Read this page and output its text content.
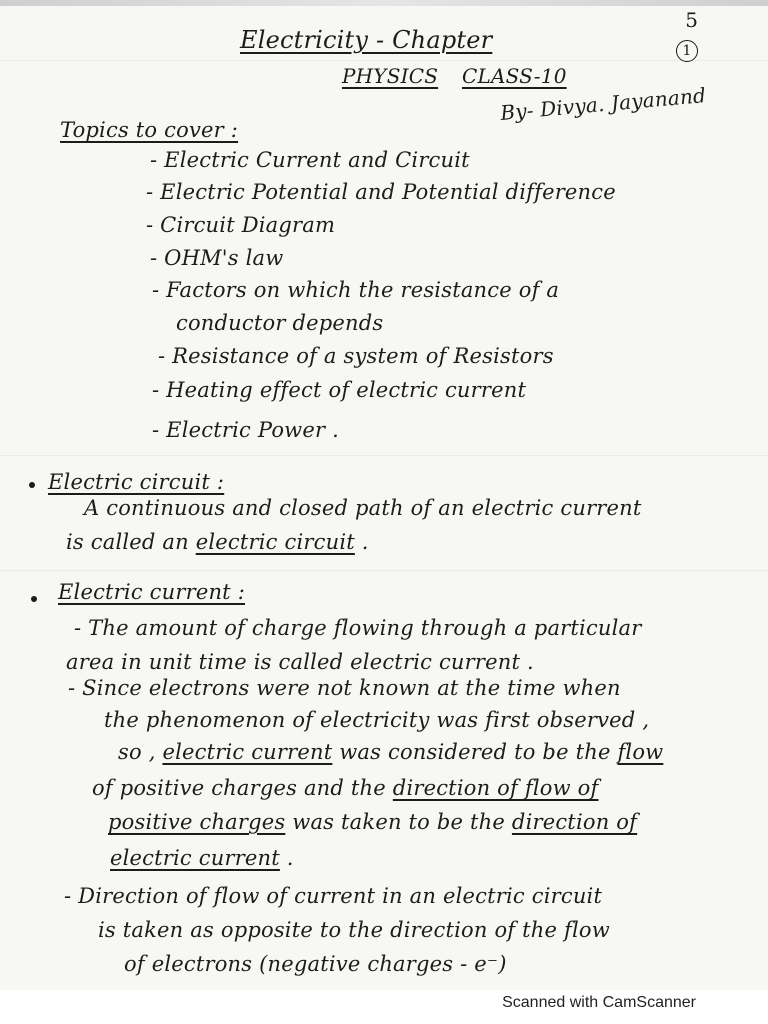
5
1
Electricity - Chapter
PHYSICS CLASS-10
By- Divya. Jayanand
Topics to cover :
- Electric Current and Circuit
- Electric Potential and Potential difference
- Circuit Diagram
- OHM's law
- Factors on which the resistance of a
conductor depends
- Resistance of a system of Resistors
- Heating effect of electric current
- Electric Power .
Electric circuit :
A continuous and closed path of an electric current
is called an electric circuit .
Electric current :
- The amount of charge flowing through a particular
area in unit time is called electric current .
- Since electrons were not known at the time when
the phenomenon of electricity was first observed ,
so , electric current was considered to be the flow
of positive charges and the direction of flow of
positive charges was taken to be the direction of
electric current .
- Direction of flow of current in an electric circuit
is taken as opposite to the direction of the flow
of electrons (negative charges - e⁻)
Scanned with CamScanner
